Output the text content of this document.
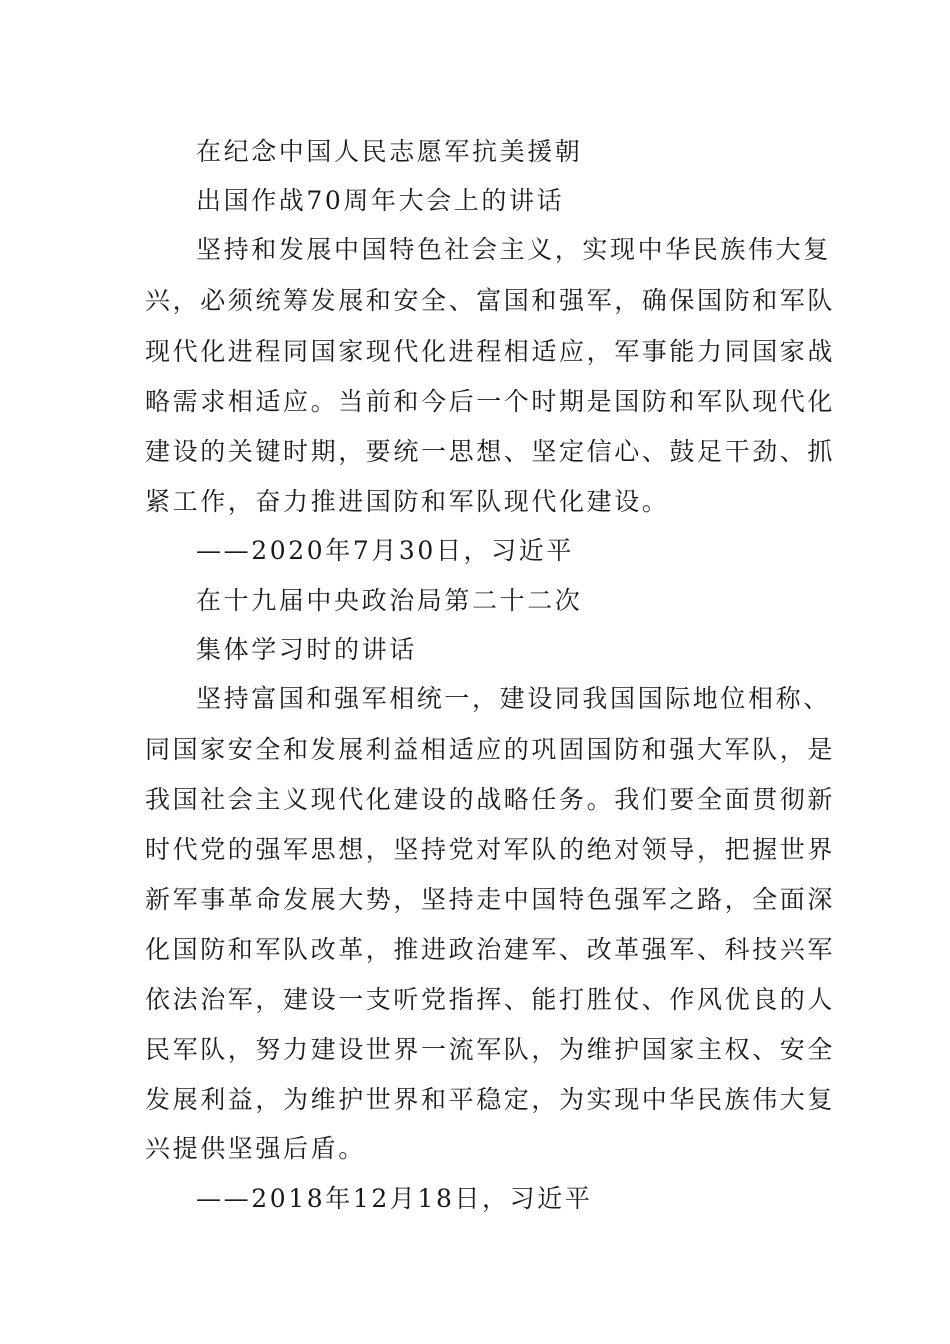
在纪念中国人民志愿军抗美援朝
出国作战70周年大会上的讲话
坚持和发展中国特色社会主义，实现中华民族伟大复
兴，必须统筹发展和安全、富国和强军，确保国防和军队
现代化进程同国家现代化进程相适应，军事能力同国家战
略需求相适应。当前和今后一个时期是国防和军队现代化
建设的关键时期，要统一思想、坚定信心、鼓足干劲、抓
紧工作，奋力推进国防和军队现代化建设。
——2020年7月30日，习近平
在十九届中央政治局第二十二次
集体学习时的讲话
坚持富国和强军相统一，建设同我国国际地位相称、
同国家安全和发展利益相适应的巩固国防和强大军队，是
我国社会主义现代化建设的战略任务。我们要全面贯彻新
时代党的强军思想，坚持党对军队的绝对领导，把握世界
新军事革命发展大势，坚持走中国特色强军之路，全面深
化国防和军队改革，推进政治建军、改革强军、科技兴军
依法治军，建设一支听党指挥、能打胜仗、作风优良的人
民军队，努力建设世界一流军队，为维护国家主权、安全
发展利益，为维护世界和平稳定，为实现中华民族伟大复
兴提供坚强后盾。
——2018年12月18日，习近平
